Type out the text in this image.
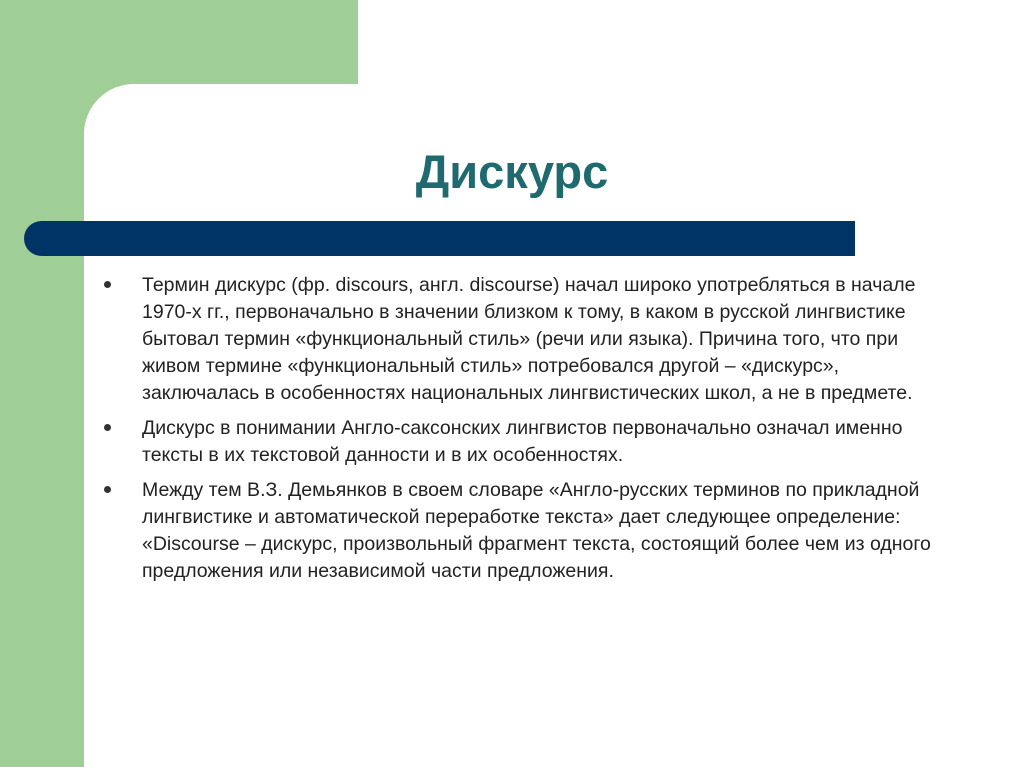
Дискурс
Термин дискурс (фр. discours, англ. discourse) начал широко употребляться в начале 1970-х гг., первоначально в значении близком к тому, в каком в русской лингвистике бытовал термин «функциональный стиль» (речи или языка). Причина того, что при живом термине «функциональный стиль» потребовался другой – «дискурс», заключалась в особенностях национальных лингвистических школ, а не в предмете.
Дискурс в понимании Англо-саксонских лингвистов первоначально означал именно тексты в их текстовой данности и в их особенностях.
Между тем В.З. Демьянков в своем словаре «Англо-русских терминов по прикладной лингвистике и автоматической переработке текста» дает следующее определение: «Discourse – дискурс, произвольный фрагмент текста, состоящий более чем из одного предложения или независимой части предложения.
